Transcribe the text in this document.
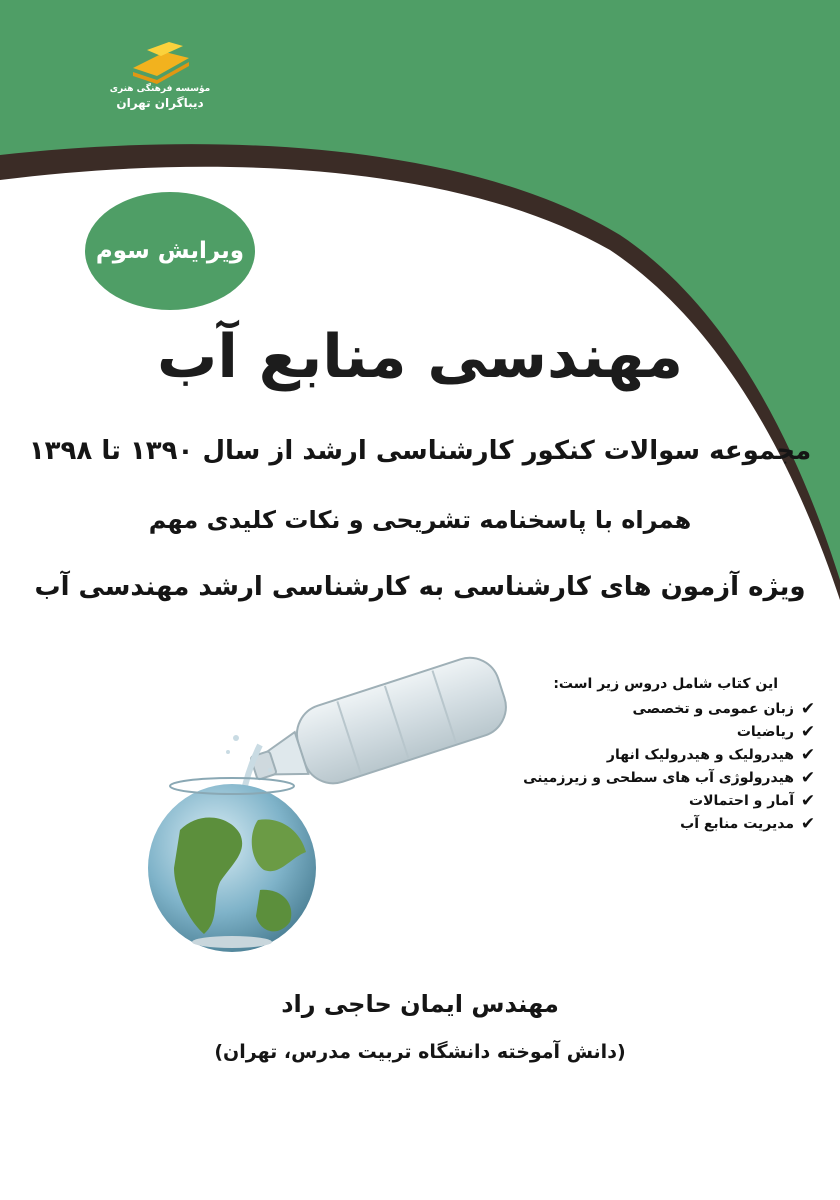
مؤسسه فرهنگی هنری
دیباگران تهران
ویرایش سوم
مهندسی منابع آب
مجموعه سوالات کنکور کارشناسی ارشد از سال ۱۳۹۰ تا ۱۳۹۸
همراه با پاسخنامه تشریحی و نکات کلیدی مهم
ویژه آزمون های کارشناسی به کارشناسی ارشد مهندسی آب
این کتاب شامل دروس زیر است:
✔
زبان عمومی و تخصصی
✔
ریاضیات
✔
هیدرولیک و هیدرولیک انهار
✔
هیدرولوژی آب های سطحی و زیرزمینی
✔
آمار و احتمالات
✔
مدیریت منابع آب
مهندس ایمان حاجی راد
(دانش آموخته دانشگاه تربیت مدرس، تهران)
